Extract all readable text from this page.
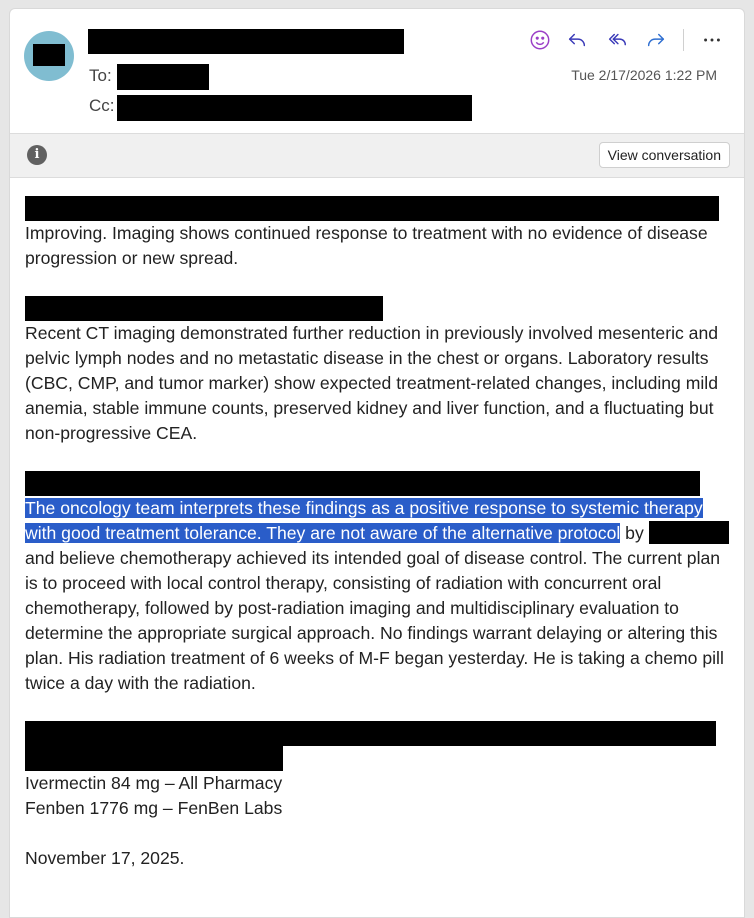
To:
Cc:
Tue 2/17/2026 1:22 PM
i	View conversation

Improving. Imaging shows continued response to treatment with no evidence of disease progression or new spread.

Recent CT imaging demonstrated further reduction in previously involved mesenteric and pelvic lymph nodes and no metastatic disease in the chest or organs. Laboratory results (CBC, CMP, and tumor marker) show expected treatment-related changes, including mild anemia, stable immune counts, preserved kidney and liver function, and a fluctuating but non-progressive CEA.

The oncology team interprets these findings as a positive response to systemic therapy with good treatment tolerance. They are not aware of the alternative protocol by  and believe chemotherapy achieved its intended goal of disease control. The current plan is to proceed with local control therapy, consisting of radiation with concurrent oral chemotherapy, followed by post-radiation imaging and multidisciplinary evaluation to determine the appropriate surgical approach. No findings warrant delaying or altering this plan. His radiation treatment of 6 weeks of M-F began yesterday. He is taking a chemo pill twice a day with the radiation.

Ivermectin 84 mg – All Pharmacy

Fenben 1776 mg – FenBen Labs

November 17, 2025.
